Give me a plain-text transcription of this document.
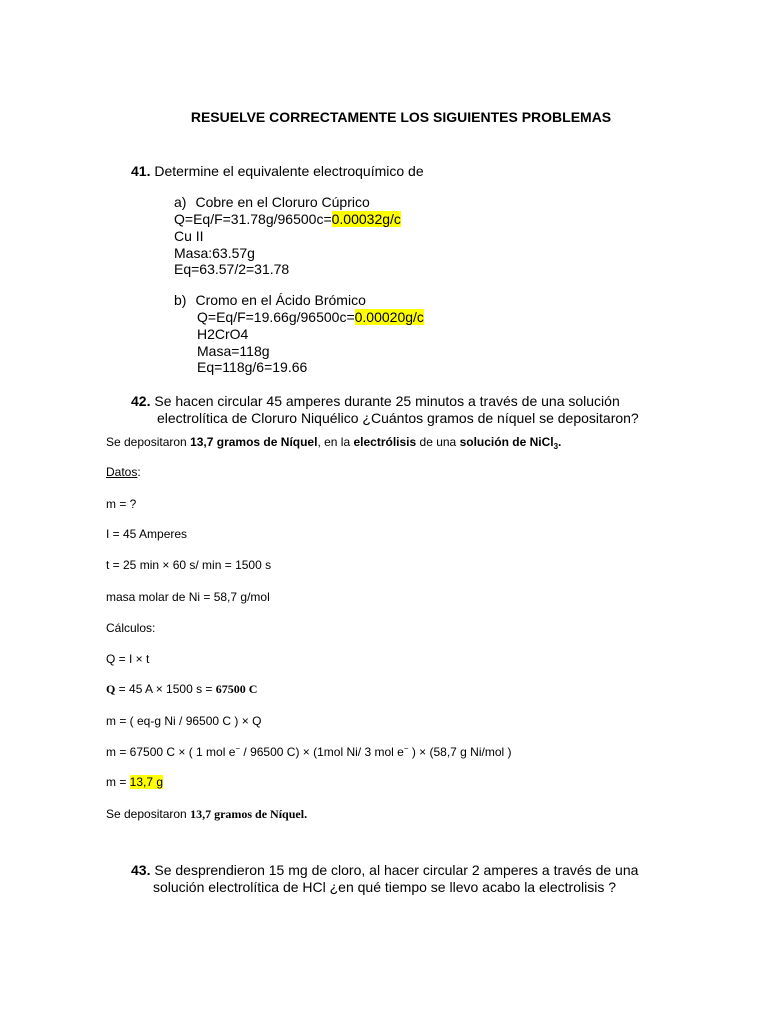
RESUELVE CORRECTAMENTE LOS SIGUIENTES PROBLEMAS
41. Determine el equivalente electroquímico de
a) Cobre en el Cloruro Cúprico
Q=Eq/F=31.78g/96500c=0.00032g/c
Cu II
Masa:63.57g
Eq=63.57/2=31.78
b) Cromo en el Ácido Brómico
Q=Eq/F=19.66g/96500c=0.00020g/c
H2CrO4
Masa=118g
Eq=118g/6=19.66
42. Se hacen circular 45 amperes durante 25 minutos a través de una solución
electrolítica de Cloruro Niquélico ¿Cuántos gramos de níquel se depositaron?
Se depositaron 13,7 gramos de Níquel, en la electrólisis de una solución de NiCl$_3$.
Datos:
m = ?
I = 45 Amperes
t = 25 min × 60 s/ min = 1500 s
masa molar de Ni = 58,7 g/mol
Cálculos:
Q = I × t
Q = 45 A × 1500 s = 67500 C
m = ( eq-g Ni / 96500 C ) × Q
m = 67500 C × ( 1 mol e− / 96500 C) × (1mol Ni/ 3 mol e− ) × (58,7 g Ni/mol )
m = 13,7 g
Se depositaron 13,7 gramos de Níquel.
43. Se desprendieron 15 mg de cloro, al hacer circular 2 amperes a través de una
solución electrolítica de HCl ¿en qué tiempo se llevo acabo la electrolisis ?
